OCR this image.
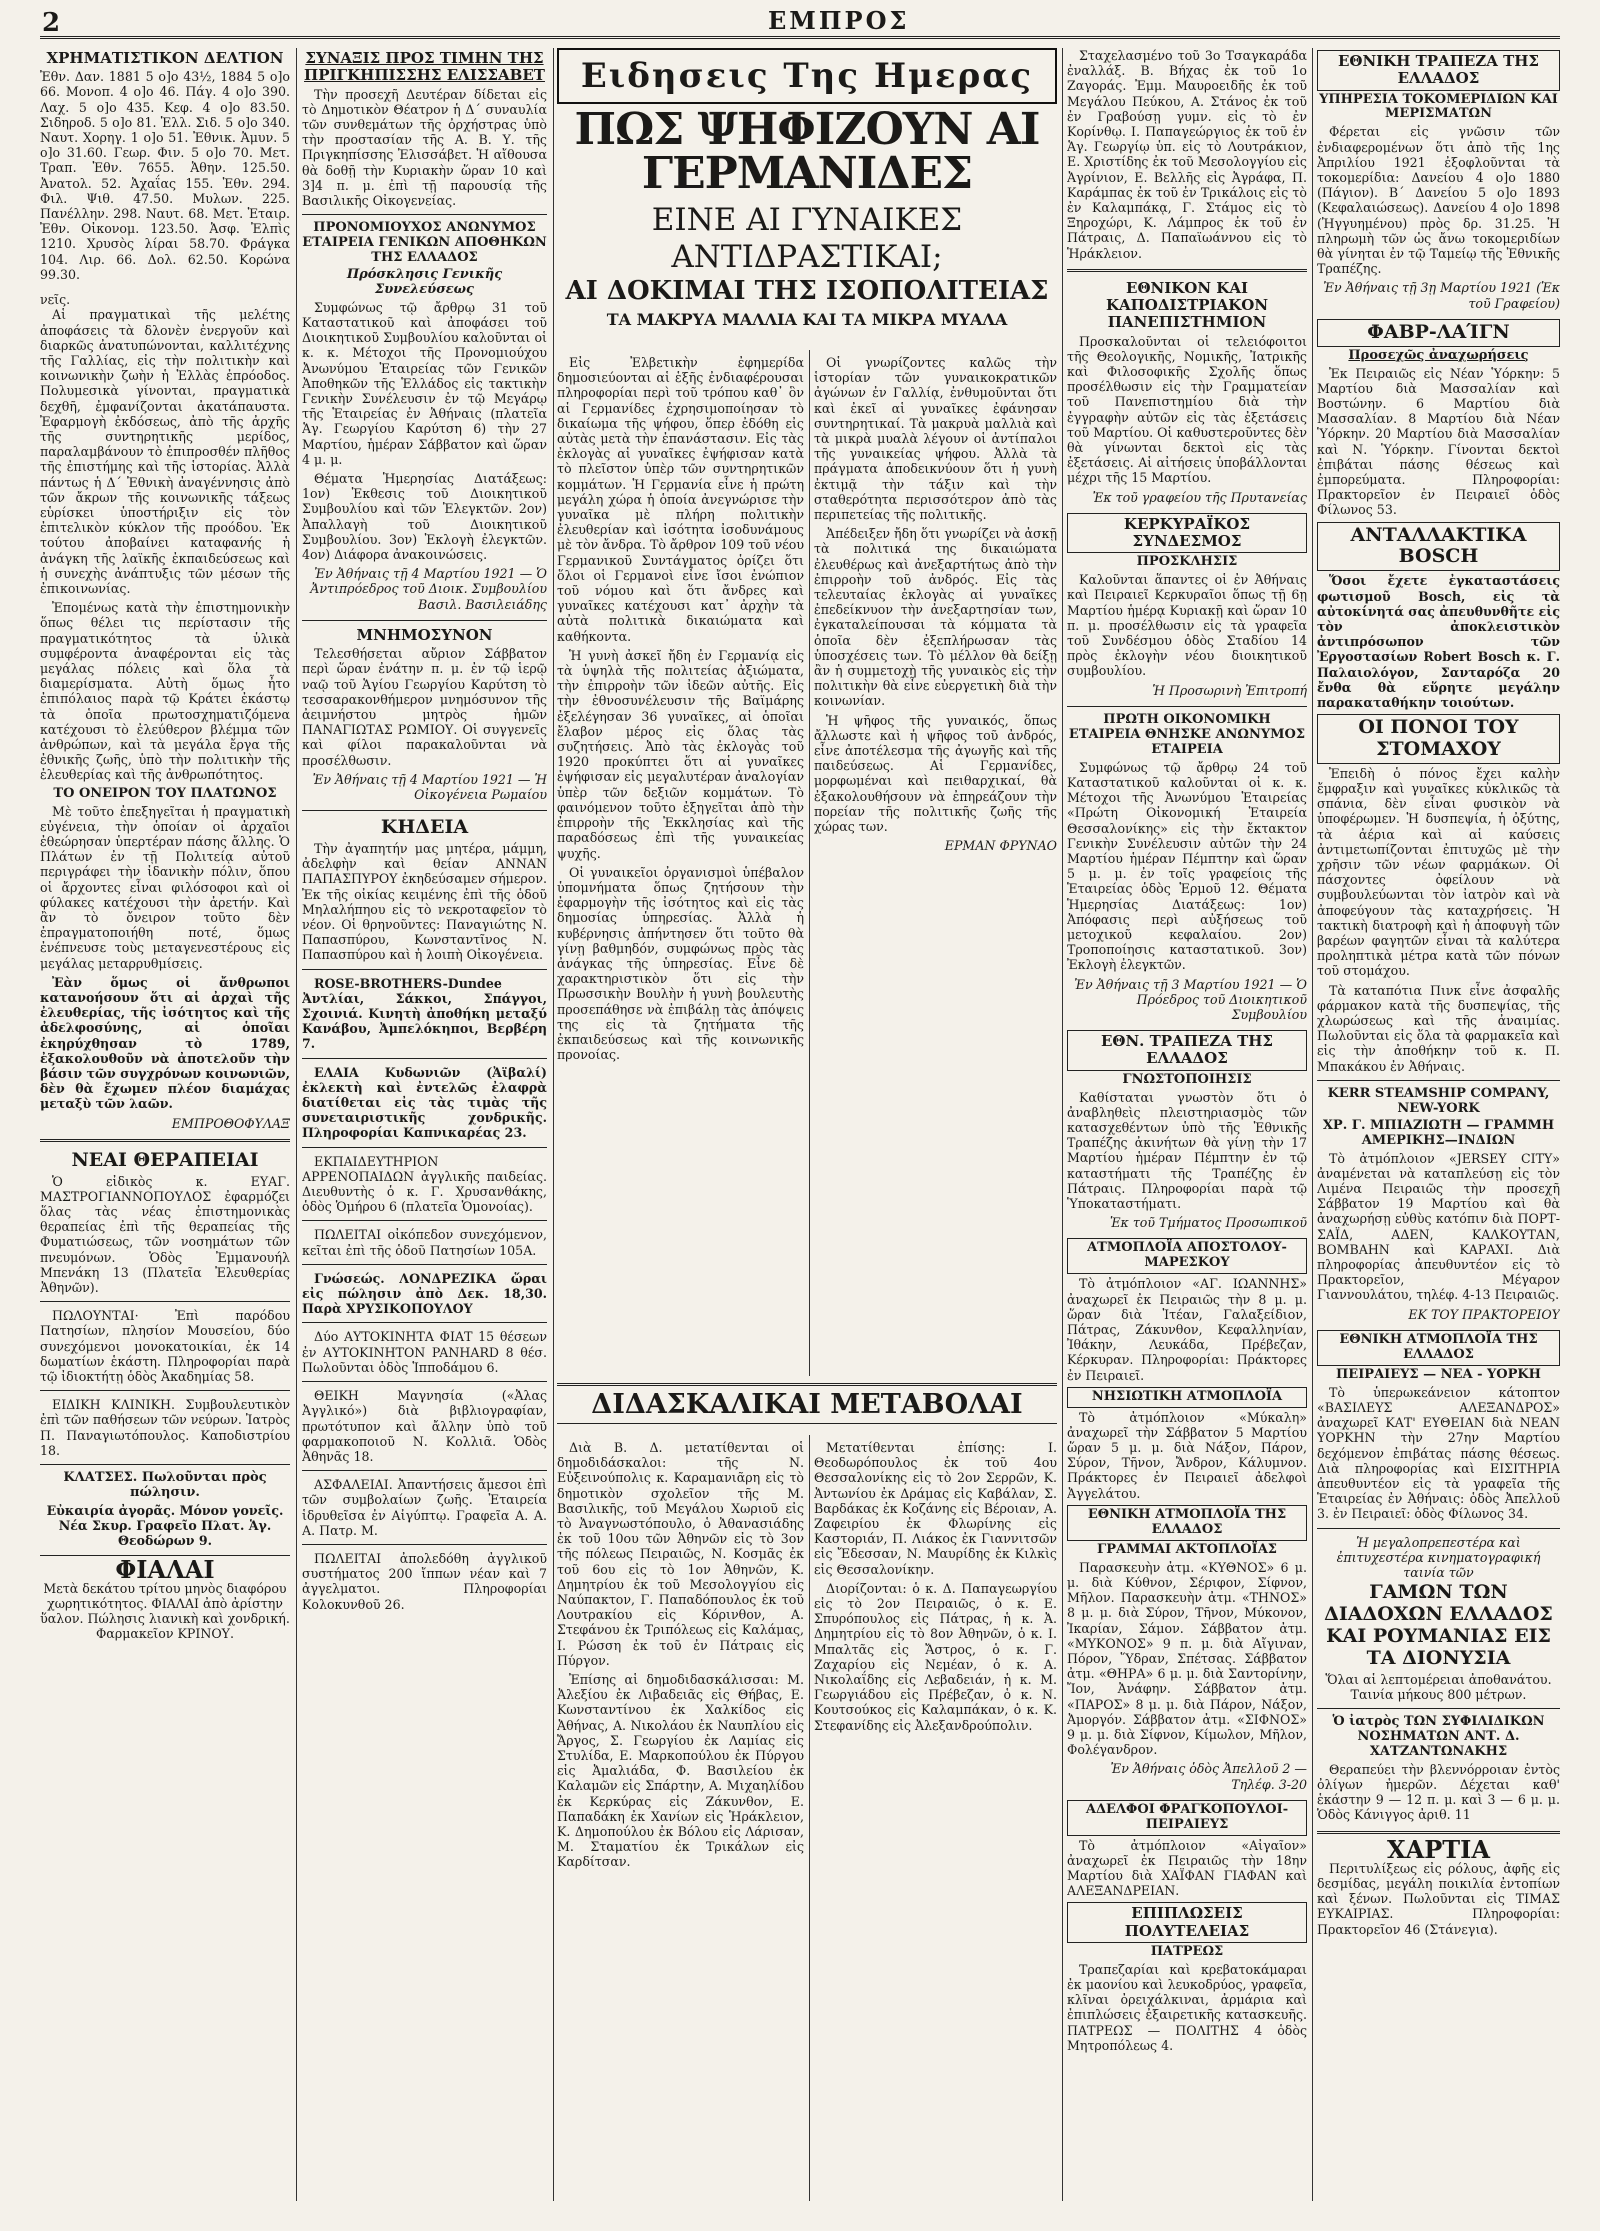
2	ΕΜΠΡΟΣ
ΧΡΗΜΑΤΙΣΤΙΚΟΝ ΔΕΛΤΙΟΝ
Ἐθν. Δαν. 1881 5 ο]ο 43½, 1884 5 ο]ο 66. Μονοπ. 4 ο]ο 46. Πάγ. 4 ο]ο 390. Λαχ. 5 ο]ο 435. Κεφ. 4 ο]ο 83.50. Σιδηροδ. 5 ο]ο 81. Ἑλλ. Σιδ. 5 ο]ο 340. Ναυτ. Χορηγ. 1 ο]ο 51. Ἐθνικ. Ἀμυν. 5 ο]ο 31.60. Γεωρ. Φιν. 5 ο]ο 70. Μετ. Τραπ. Ἐθν. 7655. Ἀθην. 125.50. Ἀνατολ. 52. Ἀχαΐας 155. Ἐθν. 294. Φιλ. Ψιθ. 47.50. Μυλων. 225. Πανέλλην. 298. Ναυτ. 68. Μετ. Ἑταιρ. Ἐθν. Οἰκονομ. 123.50. Ἀσφ. Ἐλπὶς 1210. Χρυσὸς λίραι 58.70. Φράγκα 104. Λιρ. 66. Δολ. 62.50. Κορώνα 99.30.
νεῖς.

Αἱ πραγματικαὶ τῆς μελέτης ἀποφάσεις τὰ δλονὲν ἐνεργοῦν καὶ διαρκῶς ἀνατυπώνονται, καλλιτέχνης τῆς Γαλλίας, εἰς τὴν πολιτικὴν καὶ κοινωνικὴν ζωὴν ἡ Ἑλλὰς ἐπρόοδος. Πολυμεσικὰ γίνονται, πραγματικὰ δεχθῆ, ἐμφανίζονται ἀκατάπαυστα. Ἐφαρμογὴ ἐκδόσεως, ἀπὸ τῆς ἀρχῆς τῆς συντηρητικῆς μερίδος, παραλαμβάνουν τὸ ἐπιπροσθέν πλῆθος τῆς ἐπιστήμης καὶ τῆς ἱστορίας. Ἀλλὰ πάντως ἡ Δ΄ Ἐθνικὴ ἀναγέννησις ἀπὸ τῶν ἄκρων τῆς κοινωνικῆς τάξεως εὑρίσκει ὑποστήριξιν εἰς τὸν ἐπιτελικὸν κύκλον τῆς προόδου. Ἐκ τούτου ἀποβαίνει καταφανής ἡ ἀνάγκη τῆς λαϊκῆς ἐκπαιδεύσεως καὶ ἡ συνεχὴς ἀνάπτυξις τῶν μέσων τῆς ἐπικοινωνίας.

Ἐπομένως κατὰ τὴν ἐπιστημονικὴν ὅπως θέλει τις περίστασιν τῆς πραγματικότητος τὰ ὑλικὰ συμφέροντα ἀναφέρονται εἰς τὰς μεγάλας πόλεις καὶ ὅλα τὰ διαμερίσματα. Αὐτὴ ὅμως ἦτο ἐπιπόλαιος παρὰ τῷ Κράτει ἐκάστῳ τὰ ὁποῖα πρωτοσχηματιζόμενα κατέχουσι τὸ ἐλεύθερον βλέμμα τῶν ἀνθρώπων, καὶ τὰ μεγάλα ἔργα τῆς ἐθνικῆς ζωῆς, ὑπὸ τὴν πολιτικὴν τῆς ἐλευθερίας καὶ τῆς ἀνθρωπότητος.

ΤΟ ΟΝΕΙΡΟΝ ΤΟΥ ΠΛΑΤΩΝΟΣ

Μὲ τοῦτο ἐπεξηγεῖται ἡ πραγματικὴ εὐγένεια, τὴν ὁποίαν οἱ ἀρχαῖοι ἐθεώρησαν ὑπερτέραν πάσης ἄλλης. Ὁ Πλάτων ἐν τῇ Πολιτείᾳ αὐτοῦ περιγράφει τὴν ἰδανικὴν πόλιν, ὅπου οἱ ἄρχοντες εἶναι φιλόσοφοι καὶ οἱ φύλακες κατέχουσι τὴν ἀρετήν. Καὶ ἂν τὸ ὄνειρον τοῦτο δὲν ἐπραγματοποιήθη ποτέ, ὅμως ἐνέπνευσε τοὺς μεταγενεστέρους εἰς μεγάλας μεταρρυθμίσεις.

Ἐὰν ὅμως οἱ ἄνθρωποι κατανοήσουν ὅτι αἱ ἀρχαὶ τῆς ἐλευθερίας, τῆς ἰσότητος καὶ τῆς ἀδελφοσύνης, αἱ ὁποῖαι ἐκηρύχθησαν τὸ 1789, ἐξακολουθοῦν νὰ ἀποτελοῦν τὴν βάσιν τῶν συγχρόνων κοινωνιῶν, δὲν θὰ ἔχωμεν πλέον διαμάχας μεταξὺ τῶν λαῶν.

ΕΜΠΡΟΘΟΦΥΛΑΞ
ΝΕΑΙ ΘΕΡΑΠΕΙΑΙ

Ὁ εἰδικὸς κ. ΕΥΑΓ. ΜΑΣΤΡΟΓΙΑΝΝΟΠΟΥΛΟΣ ἐφαρμόζει ὅλας τὰς νέας ἐπιστημονικὰς θεραπείας ἐπὶ τῆς θεραπείας τῆς Φυματιώσεως, τῶν νοσημάτων τῶν πνευμόνων. Ὁδὸς Ἐμμανουήλ Μπενάκη 13 (Πλατεῖα Ἐλευθερίας Ἀθηνῶν).

ΠΩΛΟΥΝΤΑΙ· Ἐπὶ παρόδου Πατησίων, πλησίον Μουσείου, δύο συνεχόμενοι μονοκατοικίαι, ἐκ 14 δωματίων ἑκάστη. Πληροφορίαι παρὰ τῷ ἰδιοκτήτῃ ὁδὸς Ἀκαδημίας 58.

ΕΙΔΙΚΗ ΚΛΙΝΙΚΗ. Συμβουλευτικὸν ἐπὶ τῶν παθήσεων τῶν νεύρων. Ἰατρὸς Π. Παναγιωτόπουλος. Καποδιστρίου 18.

ΚΛΑΤΣΕΣ. Πωλοῦνται πρὸς πώλησιν.
Εὐκαιρία ἀγορᾶς. Μόνον γονεῖς. Νέα Σκυρ. Γραφεῖο Πλατ. Ἁγ. Θεοδώρων 9.
ΦΙΑΛΑΙ
Μετὰ δεκάτου τρίτου μηνὸς διαφόρου χωρητικότητος. ΦΙΑΛΑΙ ἀπὸ ἀρίστην ὕαλον. Πώλησις λιανικὴ καὶ χονδρική. Φαρμακεῖον ΚΡΙΝΟΥ.
ΣΥΝΑΞΙΣ ΠΡΟΣ ΤΙΜΗΝ ΤΗΣ ΠΡΙΓΚΗΠΙΣΣΗΣ ΕΛΙΣΣΑΒΕΤ

Τὴν προσεχῆ Δευτέραν δίδεται εἰς τὸ Δημοτικὸν Θέατρον ἡ Δ΄ συναυλία τῶν συνθεμάτων τῆς ὀρχήστρας ὑπὸ τὴν προστασίαν τῆς Α. Β. Υ. τῆς Πριγκηπίσσης Ἐλισσάβετ. Ἡ αἴθουσα θὰ δοθῇ τὴν Κυριακὴν ὥραν 10 καὶ 3]4 π. μ. ἐπὶ τῇ παρουσίᾳ τῆς Βασιλικῆς Οἰκογενείας.

ΠΡΟΝΟΜΙΟΥΧΟΣ ΑΝΩΝΥΜΟΣ ΕΤΑΙΡΕΙΑ ΓΕΝΙΚΩΝ ΑΠΟΘΗΚΩΝ ΤΗΣ ΕΛΛΑΔΟΣ
Πρόσκλησις Γενικῆς Συνελεύσεως

Συμφώνως τῷ ἄρθρῳ 31 τοῦ Καταστατικοῦ καὶ ἀποφάσει τοῦ Διοικητικοῦ Συμβουλίου καλοῦνται οἱ κ. κ. Μέτοχοι τῆς Προνομιούχου Ἀνωνύμου Ἑταιρείας τῶν Γενικῶν Ἀποθηκῶν τῆς Ἑλλάδος εἰς τακτικὴν Γενικὴν Συνέλευσιν ἐν τῷ Μεγάρῳ τῆς Ἑταιρείας ἐν Ἀθήναις (πλατεῖα Ἁγ. Γεωργίου Καρύτση 6) τὴν 27 Μαρτίου, ἡμέραν Σάββατον καὶ ὥραν 4 μ. μ.

Θέματα Ἡμερησίας Διατάξεως: 1ον) Ἐκθεσις τοῦ Διοικητικοῦ Συμβουλίου καὶ τῶν Ἐλεγκτῶν. 2ον) Ἀπαλλαγὴ τοῦ Διοικητικοῦ Συμβουλίου. 3ον) Ἐκλογὴ ἐλεγκτῶν. 4ον) Διάφορα ἀνακοινώσεις.

Ἐν Ἀθήναις τῇ 4 Μαρτίου 1921 — Ὁ Ἀντιπρόεδρος τοῦ Διοικ. Συμβουλίου Βασιλ. Βασιλειάδης
ΜΝΗΜΟΣΥΝΟΝ

Τελεσθήσεται αὔριον Σάββατον περὶ ὥραν ἐνάτην π. μ. ἐν τῷ ἱερῷ ναῷ τοῦ Ἁγίου Γεωργίου Καρύτση τὸ τεσσαρακονθήμερον μνημόσυνον τῆς ἀειμνήστου μητρὸς ἡμῶν ΠΑΝΑΓΙΩΤΑΣ ΡΩΜΙΟΥ. Οἱ συγγενεῖς καὶ φίλοι παρακαλοῦνται νὰ προσέλθωσιν.

Ἐν Ἀθήναις τῇ 4 Μαρτίου 1921 — Ἡ Οἰκογένεια Ρωμαίου
ΚΗΔΕΙΑ

Τὴν ἀγαπητήν μας μητέρα, μάμμη, ἀδελφὴν καὶ θείαν ΑΝΝΑΝ ΠΑΠΑΣΠΥΡΟΥ ἐκηδεύσαμεν σήμερον. Ἐκ τῆς οἰκίας κειμένης ἐπὶ τῆς ὁδοῦ Μηλαλήπηου εἰς τὸ νεκροταφεῖον τὸ νέον. Οἱ θρηνοῦντες: Παναγιώτης Ν. Παπασπύρου, Κωνσταντῖνος Ν. Παπασπύρου καὶ ἡ λοιπὴ Οἰκογένεια.

ROSE-BROTHERS-Dundee Ἀντλίαι, Σάκκοι, Σπάγγοι, Σχοινιά. Κινητὴ ἀποθήκη μεταξύ Κανάβου, Ἀμπελόκηποι, Βερβέρη 7.

ΕΛΑΙΑ Κυδωνιῶν (Ἀϊβαλί) ἐκλεκτὴ καὶ ἐντελῶς ἐλαφρὰ διατίθεται εἰς τὰς τιμὰς τῆς συνεταιριστικῆς χονδρικῆς. Πληροφορίαι Καπνικαρέας 23.

ΕΚΠΑΙΔΕΥΤΗΡΙΟΝ ΑΡΡΕΝΟΠΑΙΔΩΝ ἀγγλικῆς παιδείας. Διευθυντὴς ὁ κ. Γ. Χρυσανθάκης, ὁδὸς Ὁμήρου 6 (πλατεῖα Ὁμονοίας).

ΠΩΛΕΙΤΑΙ οἰκόπεδον συνεχόμενον, κεῖται ἐπὶ τῆς ὁδοῦ Πατησίων 105Α.

Γνώσεώς. ΛΟΝΔΡΕΖΙΚΑ ὥραι εἰς πώλησιν ἀπὸ Δεκ. 18,30. Παρὰ ΧΡΥΣΙΚΟΠΟΥΛΟΥ

Δύο ΑΥΤΟΚΙΝΗΤΑ ΦΙΑΤ 15 θέσεων ἐν ΑΥΤΟΚΙΝΗΤΟΝ PANHARD 8 θέσ. Πωλοῦνται ὁδὸς Ἱπποδάμου 6.

ΘΕΙΚΗ Μαγνησία («Ἀλας Ἀγγλικό») διὰ βιβλιογραφίαν, πρωτότυπον καὶ ἄλλην ὑπὸ τοῦ φαρμακοποιοῦ Ν. Κολλιᾶ. Ὁδὸς Ἀθηνᾶς 18.

ΑΣΦΑΛΕΙΑΙ. Ἀπαντήσεις ἄμεσοι ἐπὶ τῶν συμβολαίων ζωῆς. Ἐταιρεία ἱδρυθεῖσα ἐν Αἰγύπτῳ. Γραφεῖα Α. Α. Α. Πατρ. Μ.

ΠΩΛΕΙΤΑΙ ἀπολεδόθη ἀγγλικοῦ συστήματος 200 ἴππων νέαν καὶ 7 ἀγγελματοι. Πληροφορίαι Κολοκυνθοῦ 26.

Ειδησεις Της Ημερας
ΠΩΣ ΨΗΦΙΖΟΥΝ ΑΙ ΓΕΡΜΑΝΙΔΕΣ
ΕΙΝΕ ΑΙ ΓΥΝΑΙΚΕΣ ΑΝΤΙΔΡΑΣΤΙΚΑΙ;
ΑΙ ΔΟΚΙΜΑΙ ΤΗΣ ΙΣΟΠΟΛΙΤΕΙΑΣ
ΤΑ ΜΑΚΡΥΑ ΜΑΛΛΙΑ ΚΑΙ ΤΑ ΜΙΚΡΑ ΜΥΑΛΑ

Εἰς Ἐλβετικὴν ἐφημερίδα δημοσιεύονται αἱ ἑξῆς ἐνδιαφέρουσαι πληροφορίαι περὶ τοῦ τρόπου καθ᾽ ὃν αἱ Γερμανίδες ἐχρησιμοποίησαν τὸ δικαίωμα τῆς ψήφου, ὅπερ ἐδόθη εἰς αὐτὰς μετὰ τὴν ἐπανάστασιν. Εἰς τὰς ἐκλογὰς αἱ γυναῖκες ἐψήφισαν κατὰ τὸ πλεῖστον ὑπὲρ τῶν συντηρητικῶν κομμάτων. Ἡ Γερμανία εἶνε ἡ πρώτη μεγάλη χώρα ἡ ὁποία ἀνεγνώρισε τὴν γυναῖκα μὲ πλήρη πολιτικὴν ἐλευθερίαν καὶ ἰσότητα ἰσοδυνάμους μὲ τὸν ἄνδρα. Τὸ ἄρθρον 109 τοῦ νέου Γερμανικοῦ Συντάγματος ὁρίζει ὅτι ὅλοι οἱ Γερμανοὶ εἶνε ἴσοι ἐνώπιον τοῦ νόμου καὶ ὅτι ἄνδρες καὶ γυναῖκες κατέχουσι κατ᾽ ἀρχὴν τὰ αὐτὰ πολιτικὰ δικαιώματα καὶ καθήκοντα.

Ἡ γυνὴ ἀσκεῖ ἤδη ἐν Γερμανίᾳ εἰς τὰ ὑψηλὰ τῆς πολιτείας ἀξιώματα, τὴν ἐπιρροὴν τῶν ἰδεῶν αὐτῆς. Εἰς τὴν ἐθνοσυνέλευσιν τῆς Βαϊμάρης ἐξελέγησαν 36 γυναῖκες, αἱ ὁποῖαι ἔλαβον μέρος εἰς ὅλας τὰς συζητήσεις. Ἀπὸ τὰς ἐκλογὰς τοῦ 1920 προκύπτει ὅτι αἱ γυναῖκες ἐψήφισαν εἰς μεγαλυτέραν ἀναλογίαν ὑπὲρ τῶν δεξιῶν κομμάτων. Τὸ φαινόμενον τοῦτο ἐξηγεῖται ἀπὸ τὴν ἐπιρροὴν τῆς Ἐκκλησίας καὶ τῆς παραδόσεως ἐπὶ τῆς γυναικείας ψυχῆς.

Οἱ γυναικεῖοι ὀργανισμοὶ ὑπέβαλον ὑπομνήματα ὅπως ζητήσουν τὴν ἐφαρμογὴν τῆς ἰσότητος καὶ εἰς τὰς δημοσίας ὑπηρεσίας. Ἀλλὰ ἡ κυβέρνησις ἀπήντησεν ὅτι τοῦτο θὰ γίνῃ βαθμηδόν, συμφώνως πρὸς τὰς ἀνάγκας τῆς ὑπηρεσίας. Εἶνε δὲ χαρακτηριστικὸν ὅτι εἰς τὴν Πρωσσικὴν Βουλὴν ἡ γυνὴ βουλευτὴς προσεπάθησε νὰ ἐπιβάλῃ τὰς ἀπόψεις της εἰς τὰ ζητήματα τῆς ἐκπαιδεύσεως καὶ τῆς κοινωνικῆς προνοίας.

Οἱ γνωρίζοντες καλῶς τὴν ἱστορίαν τῶν γυναικοκρατικῶν ἀγώνων ἐν Γαλλίᾳ, ἐνθυμοῦνται ὅτι καὶ ἐκεῖ αἱ γυναῖκες ἐφάνησαν συντηρητικαί. Τὰ μακρυὰ μαλλιὰ καὶ τὰ μικρὰ μυαλὰ λέγουν οἱ ἀντίπαλοι τῆς γυναικείας ψήφου. Ἀλλὰ τὰ πράγματα ἀποδεικνύουν ὅτι ἡ γυνὴ ἐκτιμᾷ τὴν τάξιν καὶ τὴν σταθερότητα περισσότερον ἀπὸ τὰς περιπετείας τῆς πολιτικῆς.

Ἀπέδειξεν ἤδη ὅτι γνωρίζει νὰ ἀσκῇ τὰ πολιτικά της δικαιώματα ἐλευθέρως καὶ ἀνεξαρτήτως ἀπὸ τὴν ἐπιρροὴν τοῦ ἀνδρός. Εἰς τὰς τελευταίας ἐκλογὰς αἱ γυναῖκες ἐπεδείκνυον τὴν ἀνεξαρτησίαν των, ἐγκαταλείπουσαι τὰ κόμματα τὰ ὁποῖα δὲν ἐξεπλήρωσαν τὰς ὑποσχέσεις των. Τὸ μέλλον θὰ δείξῃ ἂν ἡ συμμετοχὴ τῆς γυναικὸς εἰς τὴν πολιτικὴν θὰ εἶνε εὐεργετικὴ διὰ τὴν κοινωνίαν.

Ἡ ψῆφος τῆς γυναικός, ὅπως ἄλλωστε καὶ ἡ ψῆφος τοῦ ἀνδρός, εἶνε ἀποτέλεσμα τῆς ἀγωγῆς καὶ τῆς παιδεύσεως. Αἱ Γερμανίδες, μορφωμέναι καὶ πειθαρχικαί, θὰ ἐξακολουθήσουν νὰ ἐπηρεάζουν τὴν πορείαν τῆς πολιτικῆς ζωῆς τῆς χώρας των.

ΕΡΜΑΝ ΦΡΥΝΑΟ
ΔΙΔΑΣΚΑΛΙΚΑΙ ΜΕΤΑΒΟΛΑΙ

Διὰ Β. Δ. μετατίθενται οἱ δημοδιδάσκαλοι: τῆς Ν. Εὐξεινούπολις κ. Καραμανιᾶρη εἰς τὸ δημοτικὸν σχολεῖον τῆς Μ. Βασιλικῆς, τοῦ Μεγάλου Χωριοῦ εἰς τὸ Ἀναγνωστόπουλο, ὁ Ἀθανασιάδης ἐκ τοῦ 10ου τῶν Ἀθηνῶν εἰς τὸ 3ον τῆς πόλεως Πειραιῶς, Ν. Κοσμᾶς ἐκ τοῦ 6ου εἰς τὸ 1ον Ἀθηνῶν, Κ. Δημητρίου ἐκ τοῦ Μεσολογγίου εἰς Ναύπακτον, Γ. Παπαδόπουλος ἐκ τοῦ Λουτρακίου εἰς Κόρινθον, Α. Στεφάνου ἐκ Τριπόλεως εἰς Καλάμας, Ι. Ρώσση ἐκ τοῦ ἐν Πάτραις εἰς Πύργον.

Ἐπίσης αἱ δημοδιδασκάλισσαι: Μ. Ἀλεξίου ἐκ Λιβαδειᾶς εἰς Θήβας, Ε. Κωνσταντίνου ἐκ Χαλκίδος εἰς Ἀθήνας, Α. Νικολάου ἐκ Ναυπλίου εἰς Ἄργος, Σ. Γεωργίου ἐκ Λαμίας εἰς Στυλίδα, Ε. Μαρκοπούλου ἐκ Πύργου εἰς Ἀμαλιάδα, Φ. Βασιλείου ἐκ Καλαμῶν εἰς Σπάρτην, Α. Μιχαηλίδου ἐκ Κερκύρας εἰς Ζάκυνθον, Ε. Παπαδάκη ἐκ Χανίων εἰς Ἡράκλειον, Κ. Δημοπούλου ἐκ Βόλου εἰς Λάρισαν, Μ. Σταματίου ἐκ Τρικάλων εἰς Καρδίτσαν.

Μετατίθενται ἐπίσης: Ι. Θεοδωρόπουλος ἐκ τοῦ 4ου Θεσσαλονίκης εἰς τὸ 2ον Σερρῶν, Κ. Ἀντωνίου ἐκ Δράμας εἰς Καβάλαν, Σ. Βαρδάκας ἐκ Κοζάνης εἰς Βέροιαν, Α. Ζαφειρίου ἐκ Φλωρίνης εἰς Καστοριάν, Π. Λιάκος ἐκ Γιαννιτσῶν εἰς Ἔδεσσαν, Ν. Μαυρίδης ἐκ Κιλκὶς εἰς Θεσσαλονίκην.

Διορίζονται: ὁ κ. Δ. Παπαγεωργίου εἰς τὸ 2ον Πειραιῶς, ὁ κ. Ε. Σπυρόπουλος εἰς Πάτρας, ἡ κ. Ἀ. Δημητρίου εἰς τὸ 8ον Ἀθηνῶν, ὁ κ. Ι. Μπαλτᾶς εἰς Ἄστρος, ὁ κ. Γ. Ζαχαρίου εἰς Νεμέαν, ὁ κ. Α. Νικολαΐδης εἰς Λεβαδειάν, ἡ κ. Μ. Γεωργιάδου εἰς Πρέβεζαν, ὁ κ. Ν. Κουτσούκος εἰς Καλαμπάκαν, ὁ κ. Κ. Στεφανίδης εἰς Ἀλεξανδρούπολιν.

Σταχελασμένο τοῦ 3ο Τσαγκαράδα ἐναλλάξ. Β. Βήχας ἐκ τοῦ 1ο Ζαγοράς. Ἐμμ. Μαυροειδῆς ἐκ τοῦ Μεγάλου Πεύκου, Α. Στάνος ἐκ τοῦ ἐν Γραβούσῃ γυμν. εἰς τὸ ἐν Κορίνθῳ. Ι. Παπαγεώργιος ἐκ τοῦ ἐν Ἁγ. Γεωργίῳ ὑπ. εἰς τὸ Λουτράκιον, Ε. Χριστίδης ἐκ τοῦ Μεσολογγίου εἰς Ἀγρίνιον, Ε. Βελλῆς εἰς Ἀγράφα, Π. Καράμπας ἐκ τοῦ ἐν Τρικάλοις εἰς τὸ ἐν Καλαμπάκᾳ, Γ. Στάμος εἰς τὸ Ξηροχώρι, Κ. Λάμπρος ἐκ τοῦ ἐν Πάτραις, Δ. Παπαϊωάννου εἰς τὸ Ἡράκλειον.

ΕΘΝΙΚΟΝ ΚΑΙ ΚΑΠΟΔΙΣΤΡΙΑΚΟΝ ΠΑΝΕΠΙΣΤΗΜΙΟΝ

Προσκαλοῦνται οἱ τελειόφοιτοι τῆς Θεολογικῆς, Νομικῆς, Ἰατρικῆς καὶ Φιλοσοφικῆς Σχολῆς ὅπως προσέλθωσιν εἰς τὴν Γραμματείαν τοῦ Πανεπιστημίου διὰ τὴν ἐγγραφὴν αὐτῶν εἰς τὰς ἐξετάσεις τοῦ Μαρτίου. Οἱ καθυστεροῦντες δὲν θὰ γίνωνται δεκτοὶ εἰς τὰς ἐξετάσεις. Αἱ αἰτήσεις ὑποβάλλονται μέχρι τῆς 15 Μαρτίου.

Ἐκ τοῦ γραφείου τῆς Πρυτανείας
ΚΕΡΚΥΡΑΪΚΟΣ ΣΥΝΔΕΣΜΟΣ
ΠΡΟΣΚΛΗΣΙΣ

Καλοῦνται ἅπαντες οἱ ἐν Ἀθήναις καὶ Πειραιεῖ Κερκυραῖοι ὅπως τῇ 6ῃ Μαρτίου ἡμέρᾳ Κυριακῇ καὶ ὥραν 10 π. μ. προσέλθωσιν εἰς τὰ γραφεῖα τοῦ Συνδέσμου ὁδὸς Σταδίου 14 πρὸς ἐκλογὴν νέου διοικητικοῦ συμβουλίου.

Ἡ Προσωρινὴ Ἐπιτροπή
ΠΡΩΤΗ ΟΙΚΟΝΟΜΙΚΗ ΕΤΑΙΡΕΙΑ ΘΝΗΣΚΕ ΑΝΩΝΥΜΟΣ ΕΤΑΙΡΕΙΑ

Συμφώνως τῷ ἄρθρῳ 24 τοῦ Καταστατικοῦ καλοῦνται οἱ κ. κ. Μέτοχοι τῆς Ἀνωνύμου Ἑταιρείας «Πρώτη Οἰκονομική Ἑταιρεία Θεσσαλονίκης» εἰς τὴν ἔκτακτον Γενικὴν Συνέλευσιν αὐτῶν τὴν 24 Μαρτίου ἡμέραν Πέμπτην καὶ ὥραν 5 μ. μ. ἐν τοῖς γραφείοις τῆς Ἑταιρείας ὁδὸς Ἑρμοῦ 12. Θέματα Ἡμερησίας Διατάξεως: 1ον) Ἀπόφασις περὶ αὐξήσεως τοῦ μετοχικοῦ κεφαλαίου. 2ον) Τροποποίησις καταστατικοῦ. 3ον) Ἐκλογὴ ἐλεγκτῶν.

Ἐν Ἀθήναις τῇ 3 Μαρτίου 1921 — Ὁ Πρόεδρος τοῦ Διοικητικοῦ Συμβουλίου
ΕΘΝ. ΤΡΑΠΕΖΑ ΤΗΣ ΕΛΛΑΔΟΣ
ΓΝΩΣΤΟΠΟΙΗΣΙΣ

Καθίσταται γνωστὸν ὅτι ὁ ἀναβληθεὶς πλειστηριασμὸς τῶν κατασχεθέντων ὑπὸ τῆς Ἐθνικῆς Τραπέζης ἀκινήτων θὰ γίνῃ τὴν 17 Μαρτίου ἡμέραν Πέμπτην ἐν τῷ καταστήματι τῆς Τραπέζης ἐν Πάτραις. Πληροφορίαι παρὰ τῷ Ὑποκαταστήματι.

Ἐκ τοῦ Τμήματος Προσωπικοῦ
ΑΤΜΟΠΛΟΪΑ ΑΠΟΣΤΟΛΟΥ-ΜΑΡΕΣΚΟΥ

Τὸ ἀτμόπλοιον «ΑΓ. ΙΩΑΝΝΗΣ» ἀναχωρεῖ ἐκ Πειραιῶς τὴν 8 μ. μ. ὥραν διὰ Ἰτέαν, Γαλαξείδιον, Πάτρας, Ζάκυνθον, Κεφαλληνίαν, Ἰθάκην, Λευκάδα, Πρέβεζαν, Κέρκυραν. Πληροφορίαι: Πράκτορες ἐν Πειραιεῖ.

ΝΗΣΙΩΤΙΚΗ ΑΤΜΟΠΛΟΪΑ

Τὸ ἀτμόπλοιον «Μύκαλη» ἀναχωρεῖ τὴν Σάββατον 5 Μαρτίου ὥραν 5 μ. μ. διὰ Νάξον, Πάρον, Σύρον, Τῆνον, Ἄνδρον, Κάλυμνον. Πράκτορες ἐν Πειραιεῖ ἀδελφοὶ Ἀγγελάτου.

ΕΘΝΙΚΗ ΑΤΜΟΠΛΟΪΑ ΤΗΣ ΕΛΛΑΔΟΣ
ΓΡΑΜΜΑΙ ΑΚΤΟΠΛΟΪΑΣ

Παρασκευὴν ἀτμ. «ΚΥΘΝΟΣ» 6 μ. μ. διὰ Κύθνον, Σέριφον, Σίφνον, Μῆλον. Παρασκευὴν ἀτμ. «ΤΗΝΟΣ» 8 μ. μ. διὰ Σύρον, Τῆνον, Μύκονον, Ἰκαρίαν, Σάμον. Σάββατον ἀτμ. «ΜΥΚΟΝΟΣ» 9 π. μ. διὰ Αἴγιναν, Πόρον, Ὕδραν, Σπέτσας. Σάββατον ἀτμ. «ΘΗΡΑ» 6 μ. μ. διὰ Σαντορίνην, Ἴον, Ἀνάφην. Σάββατον ἀτμ. «ΠΑΡΟΣ» 8 μ. μ. διὰ Πάρον, Νάξον, Ἀμοργόν. Σάββατον ἀτμ. «ΣΙΦΝΟΣ» 9 μ. μ. διὰ Σίφνον, Κίμωλον, Μῆλον, Φολέγανδρον.

Ἐν Ἀθήναις ὁδὸς Ἀπελλοῦ 2 — Τηλέφ. 3-20
ΑΔΕΛΦΟΙ ΦΡΑΓΚΟΠΟΥΛΟΙ-ΠΕΙΡΑΙΕΥΣ

Τὸ ἀτμόπλοιον «Αἰγαῖον» ἀναχωρεῖ ἐκ Πειραιῶς τὴν 18ην Μαρτίου διὰ ΧΑΪΦΑΝ ΓΙΑΦΑΝ καὶ ΑΛΕΞΑΝΔΡΕΙΑΝ.

ΕΠΙΠΛΩΣΕΙΣ ΠΟΛΥΤΕΛΕΙΑΣ
ΠΑΤΡΕΩΣ

Τραπεζαρίαι καὶ κρεβατοκάμαραι ἐκ μαονίου καὶ λευκοδρύος, γραφεῖα, κλῖναι ὀρειχάλκιναι, ἀρμάρια καὶ ἐπιπλώσεις ἐξαιρετικῆς κατασκευῆς. ΠΑΤΡΕΩΣ — ΠΟΛΙΤΗΣ 4 ὁδὸς Μητροπόλεως 4.

ΕΘΝΙΚΗ ΤΡΑΠΕΖΑ ΤΗΣ ΕΛΛΑΔΟΣ
ΥΠΗΡΕΣΙΑ ΤΟΚΟΜΕΡΙΔΙΩΝ ΚΑΙ ΜΕΡΙΣΜΑΤΩΝ

Φέρεται εἰς γνῶσιν τῶν ἐνδιαφερομένων ὅτι ἀπὸ τῆς 1ης Ἀπριλίου 1921 ἐξοφλοῦνται τὰ τοκομερίδια: Δανείου 4 ο]ο 1880 (Πάγιον). Β΄ Δανείου 5 ο]ο 1893 (Κεφαλαιώσεως). Δανείου 4 ο]ο 1898 (Ἠγγυημένου) πρὸς δρ. 31.25. Ἡ πληρωμὴ τῶν ὡς ἄνω τοκομεριδίων θὰ γίνηται ἐν τῷ Ταμείῳ τῆς Ἐθνικῆς Τραπέζης.

Ἐν Ἀθήναις τῇ 3ῃ Μαρτίου 1921 (Ἐκ τοῦ Γραφείου)
ΦΑΒΡ-ΛΑΊΓΝ
Προσεχῶς ἀναχωρήσεις

Ἐκ Πειραιῶς εἰς Νέαν Ὑόρκην: 5 Μαρτίου διὰ Μασσαλίαν καὶ Βοστώνην. 6 Μαρτίου διὰ Μασσαλίαν. 8 Μαρτίου διὰ Νέαν Ὑόρκην. 20 Μαρτίου διὰ Μασσαλίαν καὶ Ν. Ὑόρκην. Γίνονται δεκτοὶ ἐπιβάται πάσης θέσεως καὶ ἐμπορεύματα. Πληροφορίαι: Πρακτορεῖον ἐν Πειραιεῖ ὁδὸς Φίλωνος 53.

ΑΝΤΑΛΛΑΚΤΙΚΑ BOSCH

Ὅσοι ἔχετε ἐγκαταστάσεις φωτισμοῦ Bosch, εἰς τὰ αὐτοκίνητά σας ἀπευθυνθῆτε εἰς τὸν ἀποκλειστικὸν ἀντιπρόσωπον τῶν Ἐργοστασίων Robert Bosch κ. Γ. Παλαιολόγον, Σανταρόζα 20 ἔνθα θὰ εὕρητε μεγάλην παρακαταθήκην τοιούτων.

ΟΙ ΠΟΝΟΙ ΤΟΥ ΣΤΟΜΑΧΟΥ

Ἐπειδὴ ὁ πόνος ἔχει καλὴν ἔμφραξιν καὶ γυναῖκες κὐκλικῶς τὰ σπάνια, δὲν εἶναι φυσικὸν νὰ ὑποφέρωμεν. Ἡ δυσπεψία, ἡ ὀξύτης, τὰ ἀέρια καὶ αἱ καύσεις ἀντιμετωπίζονται ἐπιτυχῶς μὲ τὴν χρῆσιν τῶν νέων φαρμάκων. Οἱ πάσχοντες ὀφείλουν νὰ συμβουλεύωνται τὸν ἰατρὸν καὶ νὰ ἀποφεύγουν τὰς καταχρήσεις. Ἡ τακτικὴ διατροφὴ καὶ ἡ ἀποφυγὴ τῶν βαρέων φαγητῶν εἶναι τὰ καλύτερα προληπτικὰ μέτρα κατὰ τῶν πόνων τοῦ στομάχου.

Τὰ καταπότια Πινκ εἶνε ἀσφαλῆς φάρμακον κατὰ τῆς δυσπεψίας, τῆς χλωρώσεως καὶ τῆς ἀναιμίας. Πωλοῦνται εἰς ὅλα τὰ φαρμακεῖα καὶ εἰς τὴν ἀποθήκην τοῦ κ. Π. Μπακάκου ἐν Ἀθήναις.

KERR STEAMSHIP COMPANY, NEW-YORK
ΧΡ. Γ. ΜΠΙΑΖΙΩΤΗ — ΓΡΑΜΜΗ ΑΜΕΡΙΚΗΣ—ΙΝΔΙΩΝ

Τὸ ἀτμόπλοιον «JERSEY CITY» ἀναμένεται νὰ καταπλεύσῃ εἰς τὸν Λιμένα Πειραιῶς τὴν προσεχῆ Σάββατον 19 Μαρτίου καὶ θὰ ἀναχωρήσῃ εὐθὺς κατόπιν διὰ ΠΟΡΤ-ΣΑΪΔ, ΑΔΕΝ, ΚΑΛΚΟΥΤΑΝ, ΒΟΜΒΑΗΝ καὶ ΚΑΡΑΧΙ. Διὰ πληροφορίας ἀπευθυντέον εἰς τὸ Πρακτορεῖον, Μέγαρον Γιαννουλάτου, τηλέφ. 4-13 Πειραιῶς.

ΕΚ ΤΟΥ ΠΡΑΚΤΟΡΕΙΟΥ
ΕΘΝΙΚΗ ΑΤΜΟΠΛΟΪΑ ΤΗΣ ΕΛΛΑΔΟΣ
ΠΕΙΡΑΙΕΥΣ — ΝΕΑ - ΥΟΡΚΗ

Τὸ ὑπερωκεάνειον κάτοπτον «ΒΑΣΙΛΕΥΣ ΑΛΕΞΑΝΔΡΟΣ» ἀναχωρεῖ ΚΑΤ' ΕΥΘΕΙΑΝ διὰ ΝΕΑΝ ΥΟΡΚΗΝ τὴν 27ην Μαρτίου δεχόμενον ἐπιβάτας πάσης θέσεως. Διὰ πληροφορίας καὶ ΕΙΣΙΤΗΡΙΑ ἀπευθυντέον εἰς τὰ γραφεῖα τῆς Ἑταιρείας ἐν Ἀθήναις: ὁδὸς Ἀπελλοῦ 3. ἐν Πειραιεῖ: ὁδὸς Φίλωνος 34.

Ἡ μεγαλοπρεπεστέρα καὶ ἐπιτυχεστέρα κινηματογραφική ταινία τῶν
ΓΑΜΩΝ ΤΩΝ ΔΙΑΔΟΧΩΝ ΕΛΛΑΔΟΣ ΚΑΙ ΡΟΥΜΑΝΙΑΣ ΕΙΣ ΤΑ ΔΙΟΝΥΣΙΑ
Ὅλαι αἱ λεπτομέρειαι ἀποθανάτου. Ταινία μήκους 800 μέτρων.
Ὁ ἰατρὸς ΤΩΝ ΣΥΦΙΛΙΔΙΚΩΝ ΝΟΣΗΜΑΤΩΝ ΑΝΤ. Δ. ΧΑΤΖΑΝΤΩΝΑΚΗΣ

Θεραπεύει τὴν βλεννόρροιαν ἐντὸς ὀλίγων ἡμερῶν. Δέχεται καθ' ἑκάστην 9 — 12 π. μ. καὶ 3 — 6 μ. μ. Ὁδὸς Κάνιγγος ἀριθ. 11

ΧΑΡΤΙΑ

Περιτυλίξεως εἰς ρόλους, ἀφῆς εἰς δεσμίδας, μεγάλη ποικιλία ἐντοπίων καὶ ξένων. Πωλοῦνται εἰς ΤΙΜΑΣ ΕΥΚΑΙΡΙΑΣ. Πληροφορίαι: Πρακτορεῖον 46 (Στάνεγια).
